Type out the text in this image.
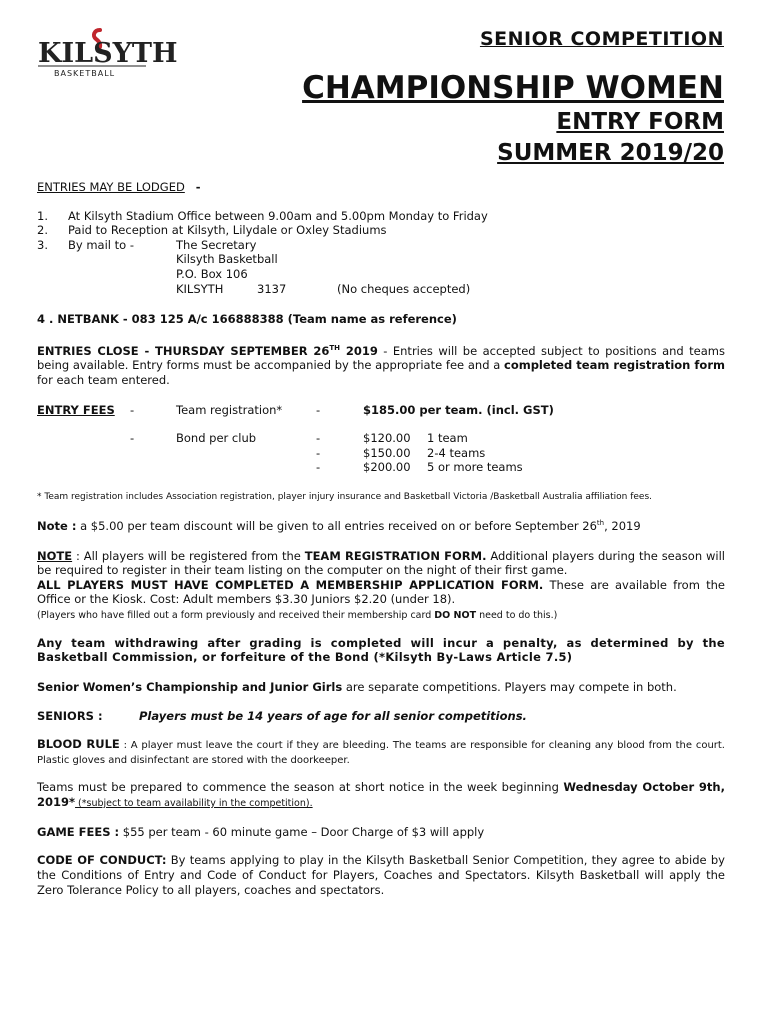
KILSYTH
BASKETBALL
SENIOR COMPETITION
CHAMPIONSHIP WOMEN
ENTRY FORM
SUMMER 2019/20

ENTRIES MAY BE LODGED -

1. At Kilsyth Stadium Office between 9.00am and 5.00pm Monday to Friday
2. Paid to Reception at Kilsyth, Lilydale or Oxley Stadiums
3. By mail to -	The Secretary
Kilsyth Basketball
P.O. Box 106
KILSYTH	3137	(No cheques accepted)

4 . NETBANK - 083 125 A/c 166888388 (Team name as reference)

ENTRIES CLOSE - THURSDAY SEPTEMBER 26TH 2019 - Entries will be accepted subject to positions and teams being available. Entry forms must be accompanied by the appropriate fee and a completed team registration form for each team entered.

ENTRY FEES -	Team registration*	-	$185.00 per team. (incl. GST)
-	Bond per club	-	$120.00 1 team
-	$150.00 2-4 teams
-	$200.00 5 or more teams

* Team registration includes Association registration, player injury insurance and Basketball Victoria /Basketball Australia affiliation fees.

Note : a $5.00 per team discount will be given to all entries received on or before September 26th, 2019

NOTE : All players will be registered from the TEAM REGISTRATION FORM. Additional players during the season will be required to register in their team listing on the computer on the night of their first game.
ALL PLAYERS MUST HAVE COMPLETED A MEMBERSHIP APPLICATION FORM. These are available from the Office or the Kiosk. Cost: Adult members $3.30 Juniors $2.20 (under 18).
(Players who have filled out a form previously and received their membership card DO NOT need to do this.)

Any team withdrawing after grading is completed will incur a penalty, as determined by the Basketball Commission, or forfeiture of the Bond (*Kilsyth By-Laws Article 7.5)

Senior Women’s Championship and Junior Girls are separate competitions. Players may compete in both.

SENIORS :	Players must be 14 years of age for all senior competitions.

BLOOD RULE : A player must leave the court if they are bleeding. The teams are responsible for cleaning any blood from the court. Plastic gloves and disinfectant are stored with the doorkeeper.

Teams must be prepared to commence the season at short notice in the week beginning Wednesday October 9th, 2019* (*subject to team availability in the competition).

GAME FEES : $55 per team - 60 minute game – Door Charge of $3 will apply

CODE OF CONDUCT: By teams applying to play in the Kilsyth Basketball Senior Competition, they agree to abide by the Conditions of Entry and Code of Conduct for Players, Coaches and Spectators. Kilsyth Basketball will apply the Zero Tolerance Policy to all players, coaches and spectators.
